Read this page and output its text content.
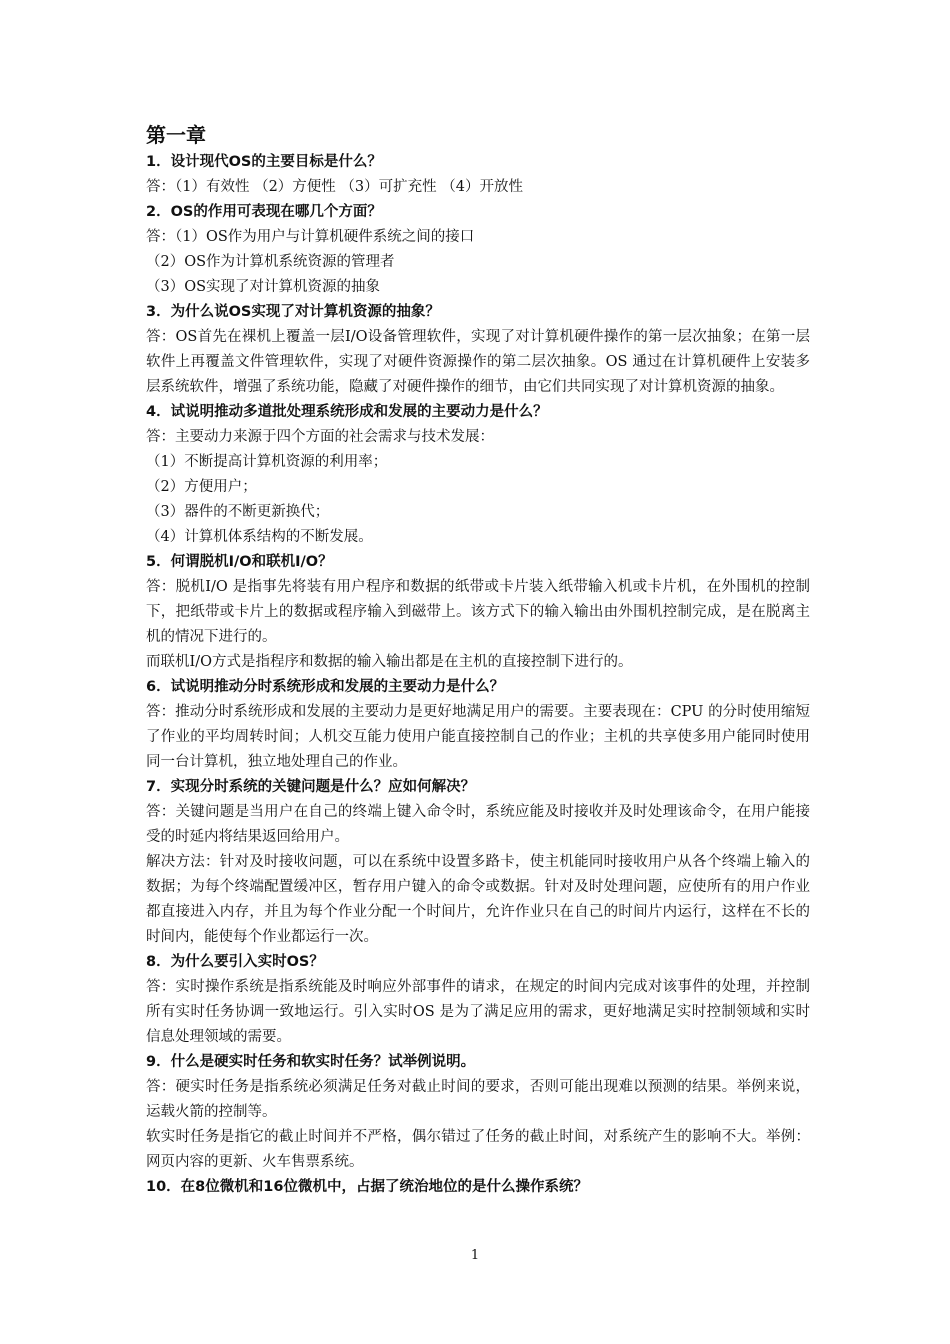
第一章

1．设计现代OS的主要目标是什么？

答：（1）有效性 （2）方便性 （3）可扩充性 （4）开放性

2．OS的作用可表现在哪几个方面？

答：（1）OS作为用户与计算机硬件系统之间的接口

（2）OS作为计算机系统资源的管理者

（3）OS实现了对计算机资源的抽象

3．为什么说OS实现了对计算机资源的抽象？

答：OS首先在裸机上覆盖一层I/O设备管理软件，实现了对计算机硬件操作的第一层次抽象；在第一层软件上再覆盖文件管理软件，实现了对硬件资源操作的第二层次抽象。OS 通过在计算机硬件上安装多层系统软件，增强了系统功能，隐藏了对硬件操作的细节，由它们共同实现了对计算机资源的抽象。

4．试说明推动多道批处理系统形成和发展的主要动力是什么？

答：主要动力来源于四个方面的社会需求与技术发展：

（1）不断提高计算机资源的利用率；

（2）方便用户；

（3）器件的不断更新换代；

（4）计算机体系结构的不断发展。

5．何谓脱机I/O和联机I/O？

答：脱机I/O 是指事先将装有用户程序和数据的纸带或卡片装入纸带输入机或卡片机，在外围机的控制下，把纸带或卡片上的数据或程序输入到磁带上。该方式下的输入输出由外围机控制完成，是在脱离主机的情况下进行的。

而联机I/O方式是指程序和数据的输入输出都是在主机的直接控制下进行的。

6．试说明推动分时系统形成和发展的主要动力是什么？

答：推动分时系统形成和发展的主要动力是更好地满足用户的需要。主要表现在：CPU 的分时使用缩短了作业的平均周转时间；人机交互能力使用户能直接控制自己的作业；主机的共享使多用户能同时使用同一台计算机，独立地处理自己的作业。

7．实现分时系统的关键问题是什么？应如何解决？

答：关键问题是当用户在自己的终端上键入命令时，系统应能及时接收并及时处理该命令，在用户能接受的时延内将结果返回给用户。

解决方法：针对及时接收问题，可以在系统中设置多路卡，使主机能同时接收用户从各个终端上输入的数据；为每个终端配置缓冲区，暂存用户键入的命令或数据。针对及时处理问题，应使所有的用户作业都直接进入内存，并且为每个作业分配一个时间片，允许作业只在自己的时间片内运行，这样在不长的时间内，能使每个作业都运行一次。

8．为什么要引入实时OS？

答：实时操作系统是指系统能及时响应外部事件的请求，在规定的时间内完成对该事件的处理，并控制所有实时任务协调一致地运行。引入实时OS 是为了满足应用的需求，更好地满足实时控制领域和实时信息处理领域的需要。

9．什么是硬实时任务和软实时任务？试举例说明。

答：硬实时任务是指系统必须满足任务对截止时间的要求，否则可能出现难以预测的结果。举例来说，运载火箭的控制等。

软实时任务是指它的截止时间并不严格，偶尔错过了任务的截止时间，对系统产生的影响不大。举例：网页内容的更新、火车售票系统。

10．在8位微机和16位微机中，占据了统治地位的是什么操作系统？

1
